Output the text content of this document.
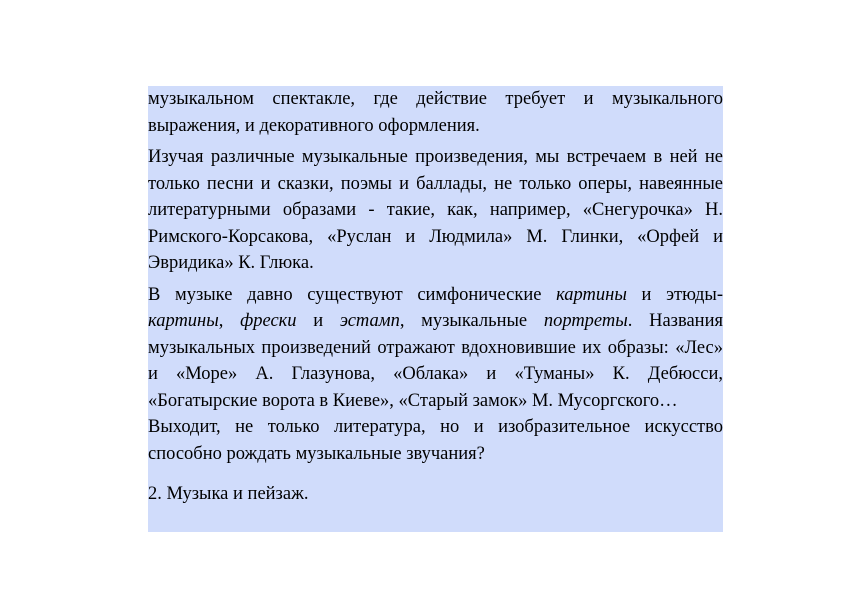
музыкальном спектакле, где действие требует и музыкального выражения, и декоративного оформления.

Изучая различные музыкальные произведения, мы встречаем в ней не только песни и сказки, поэмы и баллады, не только оперы, навеянные литературными образами - такие, как, например, «Снегурочка» Н. Римского-Корсакова, «Руслан и Людмила» М. Глинки, «Орфей и Эвридика» К. Глюка.

В музыке давно существуют симфонические картины и этюды-картины, фрески и эстамп, музыкальные портреты. Названия музыкальных произведений отражают вдохновившие их образы: «Лес» и «Море» А. Глазунова, «Облака» и «Туманы» К. Дебюсси, «Богатырские ворота в Киеве», «Старый замок» М. Мусоргского…

Выходит, не только литература, но и изобразительное искусство способно рождать музыкальные звучания?

2. Музыка и пейзаж.
